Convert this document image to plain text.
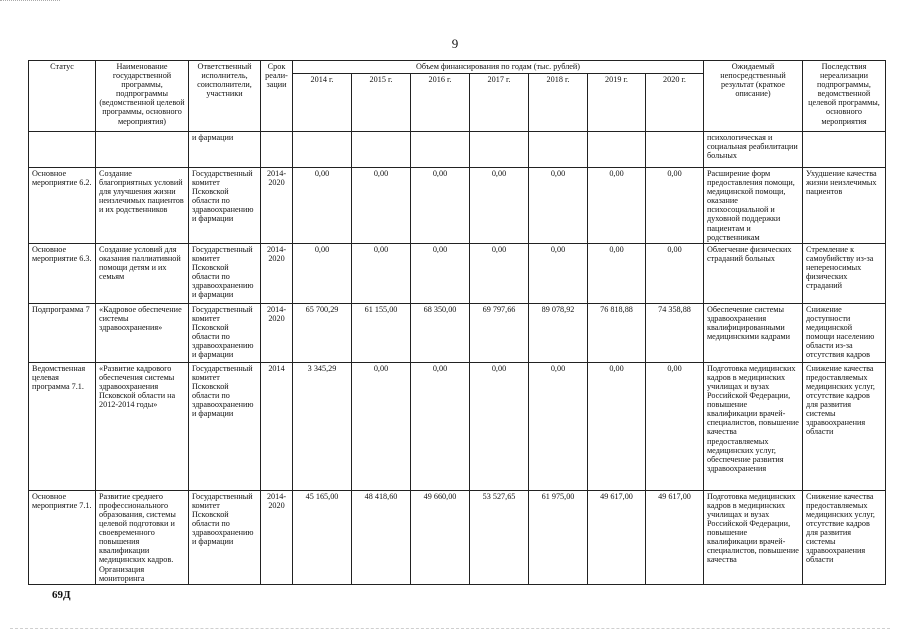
9
Статус	Наименование государственной программы, подпрограммы (ведомственной целевой программы, основного мероприятия)	Ответственный исполнитель, соисполнители, участники	Срок реали-зации	Объем финансирования по годам (тыс. рублей)							Ожидаемый непосредственный результат (краткое описание)	Последствия нереализации подпрограммы, ведомственной целевой программы, основного мероприятия
				2014 г.	2015 г.	2016 г.	2017 г.	2018 г.	2019 г.	2020 г.		
		и фармации									психологическая и социальная реабилитации больных	
Основное мероприятие 6.2.	Создание благоприятных условий для улучшения жизни неизлечимых пациентов и их родственников	Государственный комитет Псковской области по здравоохранению и фармации	2014-2020	0,00	0,00	0,00	0,00	0,00	0,00	0,00	Расширение форм предоставления помощи, медицинской помощи, оказание психосоциальной и духовной поддержки пациентам и родственникам	Ухудшение качества жизни неизлечимых пациентов
Основное мероприятие 6.3.	Создание условий для оказания паллиативной помощи детям и их семьям	Государственный комитет Псковской области по здравоохранению и фармации	2014-2020	0,00	0,00	0,00	0,00	0,00	0,00	0,00	Облегчение физических страданий больных	Стремление к самоубийству из-за непереносимых физических страданий
Подпрограмма 7	«Кадровое обеспечение системы здравоохранения»	Государственный комитет Псковской области по здравоохранению и фармации	2014-2020	65 700,29	61 155,00	68 350,00	69 797,66	89 078,92	76 818,88	74 358,88	Обеспечение системы здравоохранения квалифицированными медицинскими кадрами	Снижение доступности медицинской помощи населению области из-за отсутствия кадров
Ведомственная целевая программа 7.1.	«Развитие кадрового обеспечения системы здравоохранения Псковской области на 2012-2014 годы»	Государственный комитет Псковской области по здравоохранению и фармации	2014	3 345,29	0,00	0,00	0,00	0,00	0,00	0,00	Подготовка медицинских кадров в медицинских училищах и вузах Российской Федерации, повышение квалификации врачей-специалистов, повышение качества предоставляемых медицинских услуг, обеспечение развития здравоохранения	Снижение качества предоставляемых медицинских услуг, отсутствие кадров для развития системы здравоохранения области
Основное мероприятие 7.1.	Развитие среднего профессионального образования, системы целевой подготовки и своевременного повышения квалификации медицинских кадров. Организация мониторинга	Государственный комитет Псковской области по здравоохранению и фармации	2014-2020	45 165,00	48 418,60	49 660,00	53 527,65	61 975,00	49 617,00	49 617,00	Подготовка медицинских кадров в медицинских училищах и вузах Российской Федерации, повышение квалификации врачей-специалистов, повышение качества	Снижение качества предоставляемых медицинских услуг, отсутствие кадров для развития системы здравоохранения области
69Д
